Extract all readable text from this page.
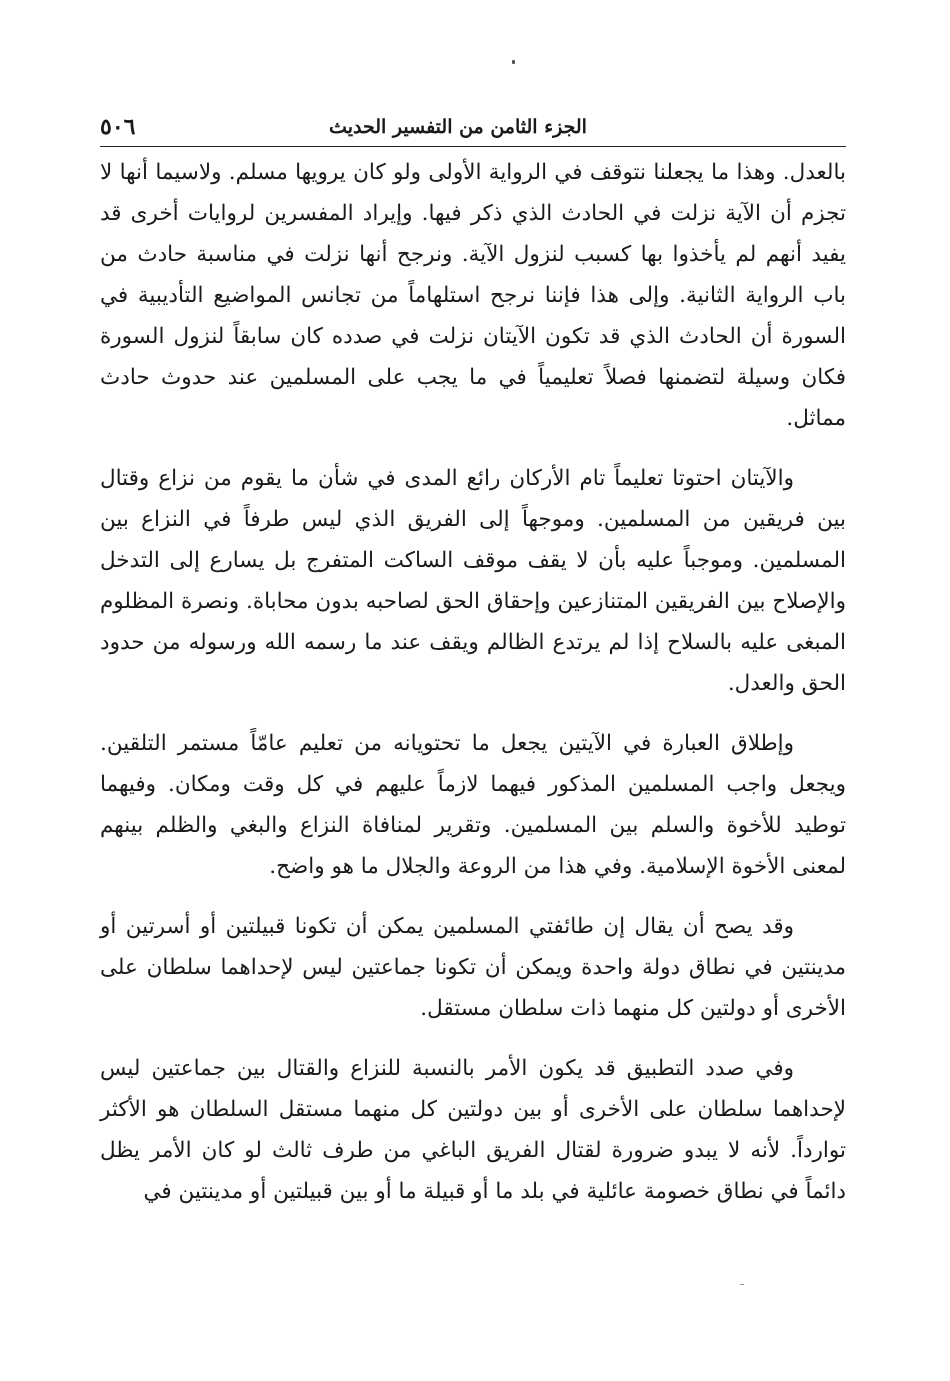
الجزء الثامن من التفسير الحديث
٥٠٦

بالعدل. وهذا ما يجعلنا نتوقف في الرواية الأولى ولو كان يرويها مسلم. ولاسيما أنها لا تجزم أن الآية نزلت في الحادث الذي ذكر فيها. وإيراد المفسرين لروايات أخرى قد يفيد أنهم لم يأخذوا بها كسبب لنزول الآية. ونرجح أنها نزلت في مناسبة حادث من باب الرواية الثانية. وإلى هذا فإننا نرجح استلهاماً من تجانس المواضيع التأديبية في السورة أن الحادث الذي قد تكون الآيتان نزلت في صدده كان سابقاً لنزول السورة فكان وسيلة لتضمنها فصلاً تعليمياً في ما يجب على المسلمين عند حدوث حادث مماثل.

والآيتان احتوتا تعليماً تام الأركان رائع المدى في شأن ما يقوم من نزاع وقتال بين فريقين من المسلمين. وموجهاً إلى الفريق الذي ليس طرفاً في النزاع بين المسلمين. وموجباً عليه بأن لا يقف موقف الساكت المتفرج بل يسارع إلى التدخل والإصلاح بين الفريقين المتنازعين وإحقاق الحق لصاحبه بدون محاباة. ونصرة المظلوم المبغى عليه بالسلاح إذا لم يرتدع الظالم ويقف عند ما رسمه الله ورسوله من حدود الحق والعدل.

وإطلاق العبارة في الآيتين يجعل ما تحتويانه من تعليم عامّاً مستمر التلقين. ويجعل واجب المسلمين المذكور فيهما لازماً عليهم في كل وقت ومكان. وفيهما توطيد للأخوة والسلم بين المسلمين. وتقرير لمنافاة النزاع والبغي والظلم بينهم لمعنى الأخوة الإسلامية. وفي هذا من الروعة والجلال ما هو واضح.

وقد يصح أن يقال إن طائفتي المسلمين يمكن أن تكونا قبيلتين أو أسرتين أو مدينتين في نطاق دولة واحدة ويمكن أن تكونا جماعتين ليس لإحداهما سلطان على الأخرى أو دولتين كل منهما ذات سلطان مستقل.

وفي صدد التطبيق قد يكون الأمر بالنسبة للنزاع والقتال بين جماعتين ليس لإحداهما سلطان على الأخرى أو بين دولتين كل منهما مستقل السلطان هو الأكثر توارداً. لأنه لا يبدو ضرورة لقتال الفريق الباغي من طرف ثالث لو كان الأمر يظل دائماً في نطاق خصومة عائلية في بلد ما أو قبيلة ما أو بين قبيلتين أو مدينتين في
